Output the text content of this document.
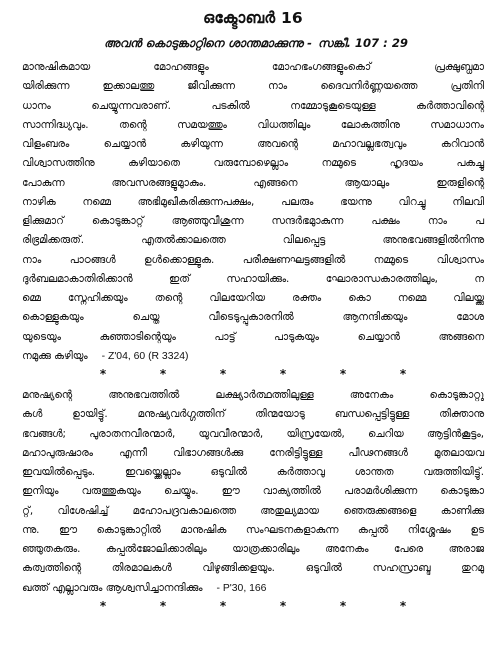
ഒക്ടോബർ 16
അവൻ കൊടുങ്കാറ്റിനെ ശാന്തമാക്കുന്നു - സങ്കീ. 107 : 29
മാനുഷികമായ മോഹങ്ങളും മോഹഭംഗങ്ങളുംകൊ് പ്രക്ഷുബ്ധമാ
യിരിക്കുന്ന ഇക്കാലത്തു ജീവിക്കുന്ന നാം ദൈവനിർണ്ണയത്തെ പ്രതിനി
ധാനം ചെയ്യുന്നവരാണ്. പടകിൽ നമ്മോടുകൂടെയുള്ള കർത്താവിന്റെ
സാന്നിദ്ധ്യവും. തന്റെ സമയത്തും വിധത്തിലും ലോകത്തിനു സമാധാനം
വിളംബരം ചെയ്യാൻ കഴിയുന്ന അവന്റെ മഹാവല്ലഭത്വവും കറിവാൻ
വിശ്വാസത്തിനു കഴിയാതെ വരുമ്പോഴെല്ലാം നമ്മുടെ ഹൃദയം പകച്ചു
പോകുന്ന അവസരങ്ങളുമുാകും. എങ്ങനെ ആയാലും ഇരുളിന്റെ
നാഴിക നമ്മെ അഭിമുഖീകരിക്കുന്നപക്ഷം, പലരും ഭയന്നു വിറച്ചു നിലവി
ളിക്കുമാറ് കൊടുങ്കാറ്റ് ആഞ്ഞുവീശുന്ന സന്ദർഭമുാകുന്ന പക്ഷം നാം പ
രിഭ്രമിക്കരുത്. എതൽക്കാലത്തെ വിലപ്പെട്ട അനുഭവങ്ങളിൽനിന്നു
നാം പാഠങ്ങൾ ഉൾക്കൊള്ളുക. പരീക്ഷണഘട്ടങ്ങളിൽ നമ്മുടെ വിശ്വാസം
ദുർബലമാകാതിരിക്കാൻ ഇത് സഹായിക്കും. ഘോരാന്ധകാരത്തിലും, ന
മ്മെ സ്നേഹിക്കയും തന്റെ വിലയേറിയ രക്തം കൊ നമ്മെ വിലയ്ക്കു
കൊള്ളുകയും ചെയ്ത വീടെടുപ്പുകാരനിൽ ആനന്ദിക്കയും മോശ
യുടെയും കുഞ്ഞാടിന്റെയും പാട്ട് പാടുകയും ചെയ്യാൻ അങ്ങനെ
നമുക്കു കഴിയും - Z'04, 60 (R 3324)
*	*	*	*	*	*
മനുഷ്യന്റെ അനുഭവത്തിൽ ലക്ഷ്യാർത്ഥത്തിലുള്ള അനേകം കൊടുങ്കാറ്റു
കൾ ഉായിട്ടു്. മനുഷ്യവർഗ്ഗത്തിന് തിന്മയോടു ബന്ധപ്പെട്ടിട്ടുള്ള തിക്താനു
ഭവങ്ങൾ; പുരാതനവീരന്മാർ, യുവവീരന്മാർ, യിസ്രയേൽ, ചെറിയ ആട്ടിൻകൂട്ടം,
മഹാപുരുഷാരം എന്നീ വിഭാഗങ്ങൾക്കു നേരിട്ടിട്ടുള്ള പീഢനങ്ങൾ മുതലായവ
ഇവയിൽപ്പെടും. ഇവയ്ക്കെല്ലാം ഒടുവിൽ കർത്താവു ശാന്തത വരുത്തിയിട്ടു്.
ഇനിയും വരുത്തുകയും ചെയ്യും. ഈ വാക്യത്തിൽ പരാമർശിക്കുന്ന കൊടുങ്കാ
റ്റ്, വിശേഷിച്ച് മഹോപദ്രവകാലത്തെ അതുല്യമായ ഞെരുക്കങ്ങളെ കാണിക്കു
ന്നു. ഈ കൊടുങ്കാറ്റിൽ മാനുഷിക സംഘടനകളാകുന്ന കപ്പൽ നിശ്ശേഷം ഉട
ഞ്ഞുതകരും. കപ്പൽജോലിക്കാരിലും യാത്രക്കാരിലും അനേകം പേരെ അരാജ
കത്വത്തിന്റെ തിരമാലകൾ വിഴുങ്ങിക്കളയും. ഒടുവിൽ സഹസ്രാബ്ദ തുറമു
ഖത്ത് എല്ലാവരും ആശ്വസിച്ചാനന്ദിക്കും - P'30, 166
*	*	*	*	*	*
